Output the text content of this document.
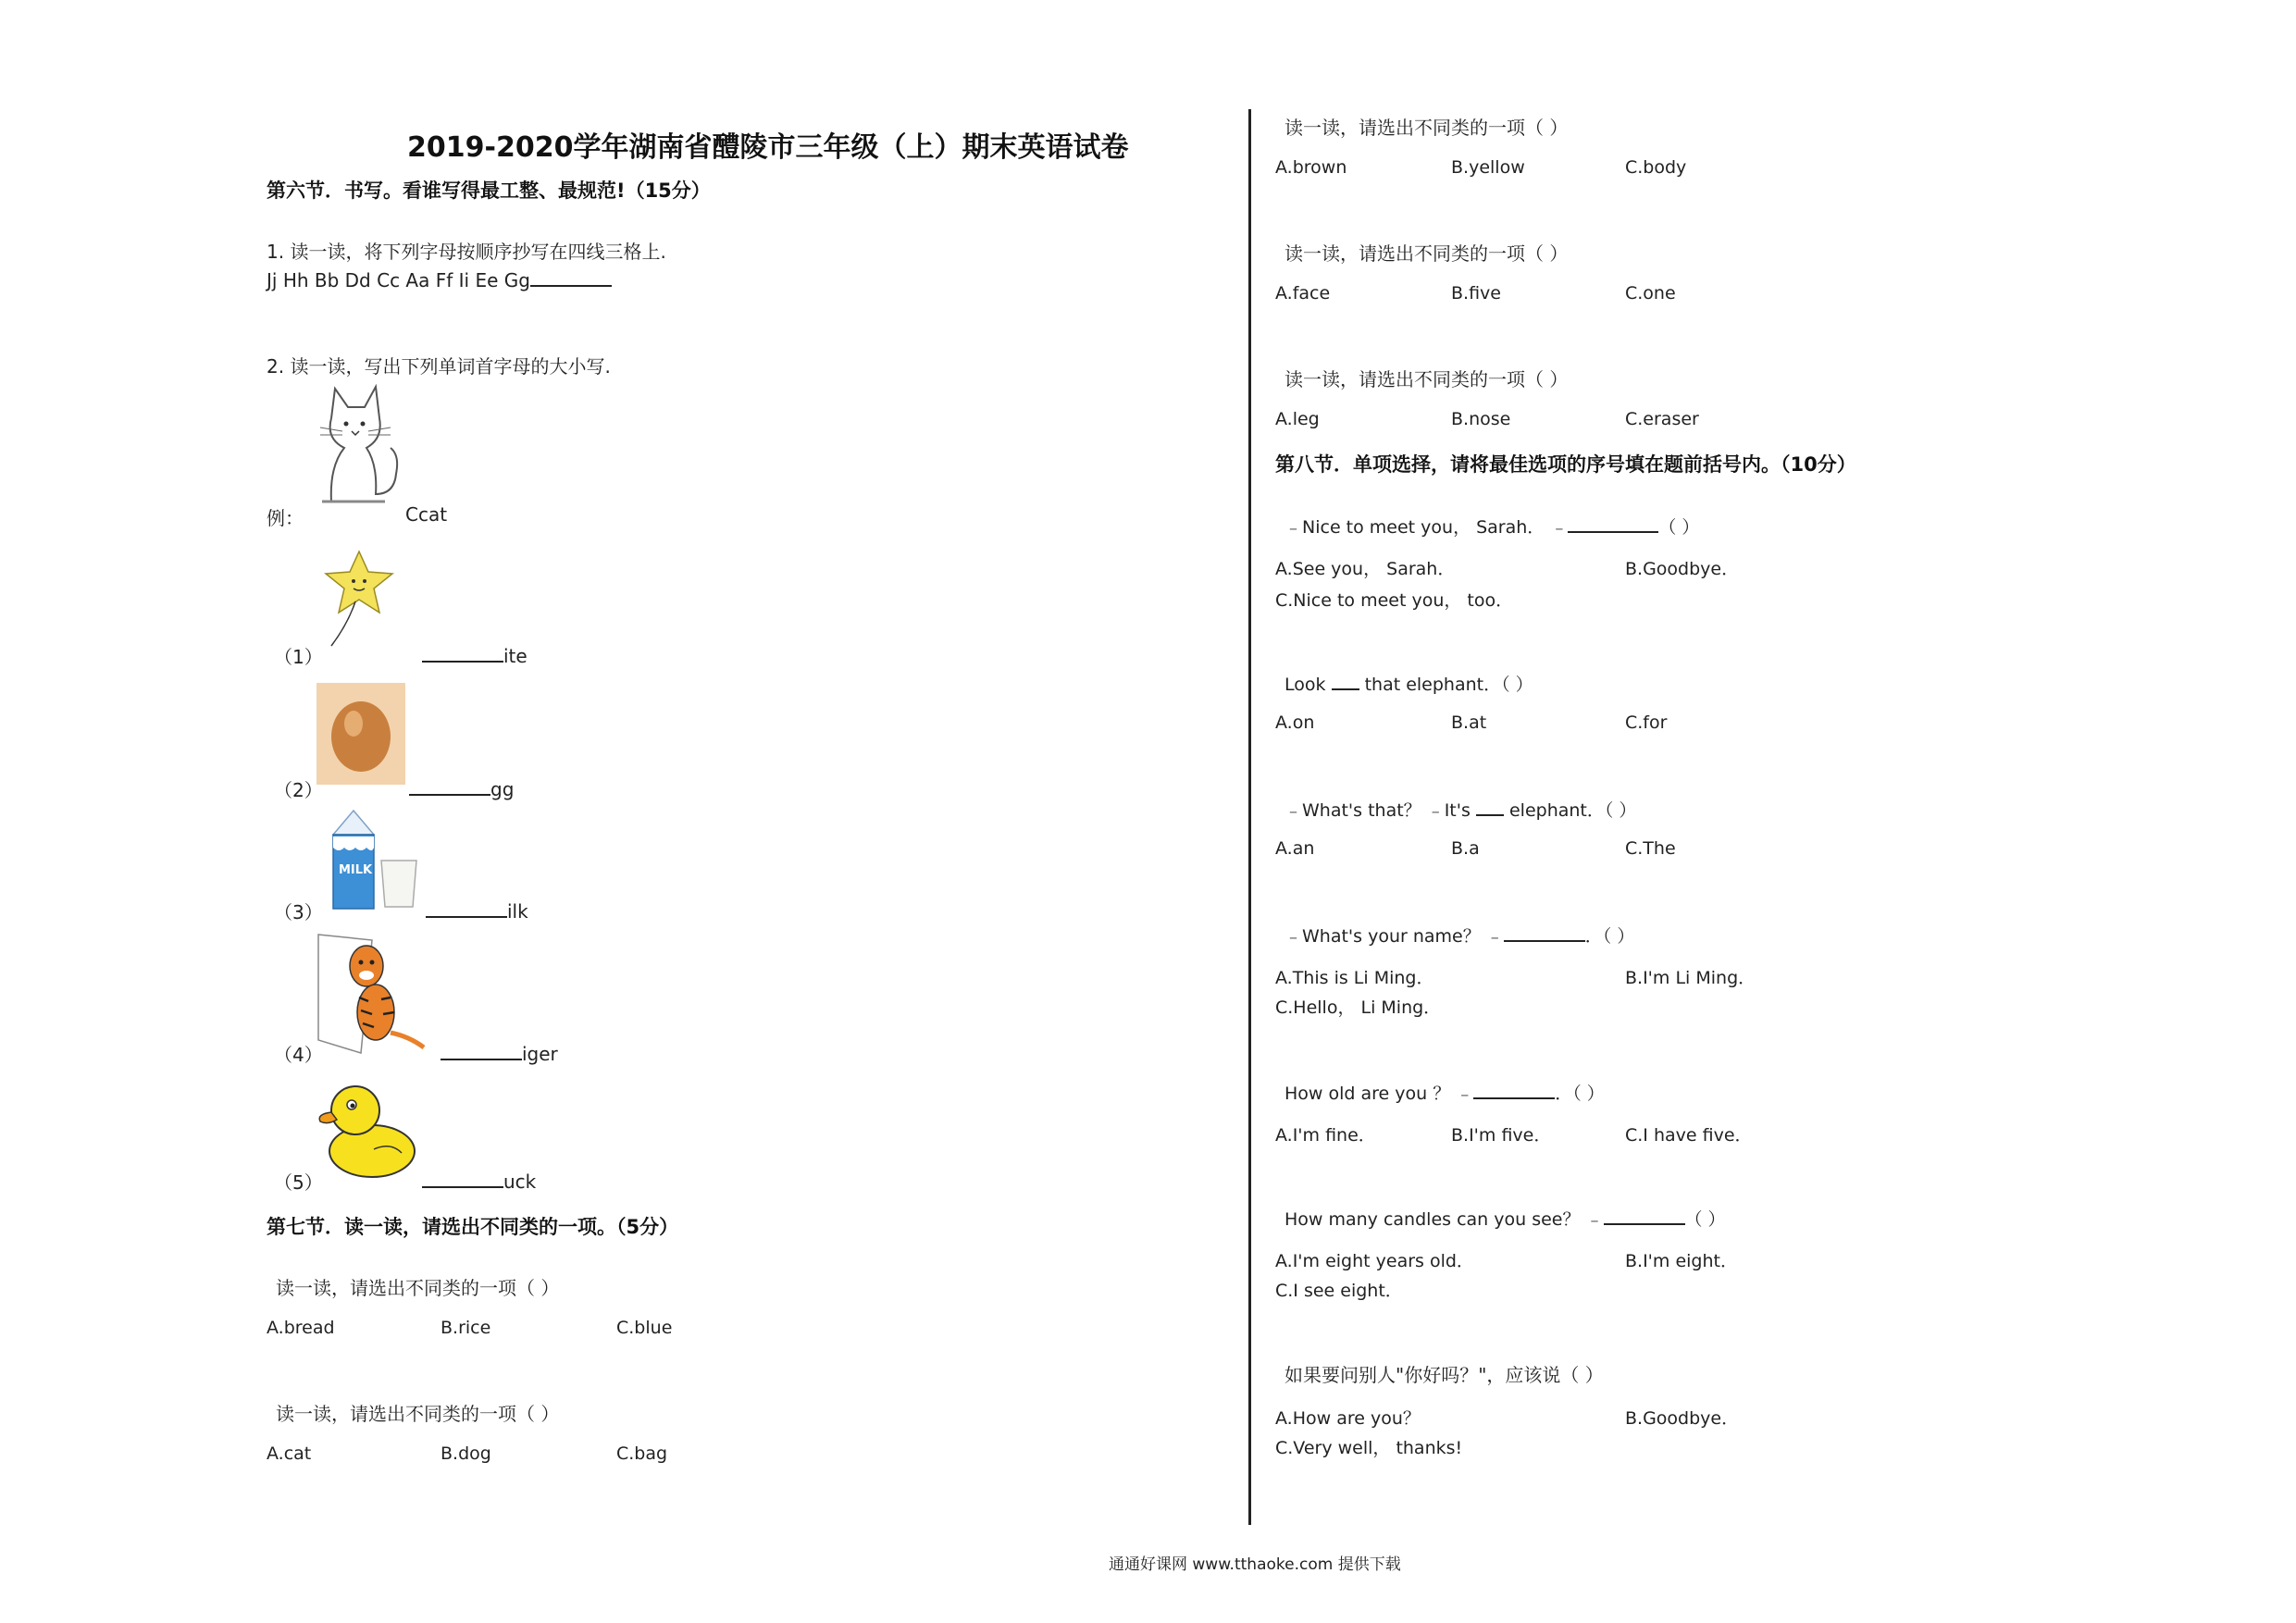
2019-2020学年湖南省醴陵市三年级（上）期末英语试卷
第六节．书写。看谁写得最工整、最规范!（15分）
1. 读一读，将下列字母按顺序抄写在四线三格上.
Jj Hh Bb Dd Cc Aa Ff Ii Ee Gg
2. 读一读，写出下列单词首字母的大小写.
例：	Ccat
（1）	ite
（2）	gg
MILK
（3）	ilk
（4）	iger
（5）	uck
第七节．读一读，请选出不同类的一项。（5分）
读一读，请选出不同类的一项（ ）
A.bread	B.rice	C.blue
读一读，请选出不同类的一项（ ）
A.cat	B.dog	C.bag
读一读，请选出不同类的一项（ ）
A.brown	B.yellow	C.body
读一读，请选出不同类的一项（ ）
A.face	B.five	C.one
读一读，请选出不同类的一项（ ）
A.leg	B.nose	C.eraser
第八节．单项选择，请将最佳选项的序号填在题前括号内。（10分）
﹣Nice to meet you， Sarah． ﹣	（ ）
A.See you， Sarah．	B.Goodbye．
C.Nice to meet you， too．
Look  that elephant．（ ）
A.on	B.at	C.for
﹣What's that？ ﹣It's  elephant．（ ）
A.an	B.a	C.The
﹣What's your name？ ﹣	．（ ）
A.This is Li Ming．	B.I'm Li Ming．
C.Hello， Li Ming．
How old are you ？ ﹣	．（ ）
A.I'm fine．	B.I'm five．	C.I have five．
How many candles can you see？ ﹣	（ ）
A.I'm eight years old．	B.I'm eight．
C.I see eight．
如果要问别人"你好吗？"，应该说（ ）
A.How are you？	B.Goodbye．
C.Very well， thanks!
通通好课网 www.tthaoke.com 提供下载
